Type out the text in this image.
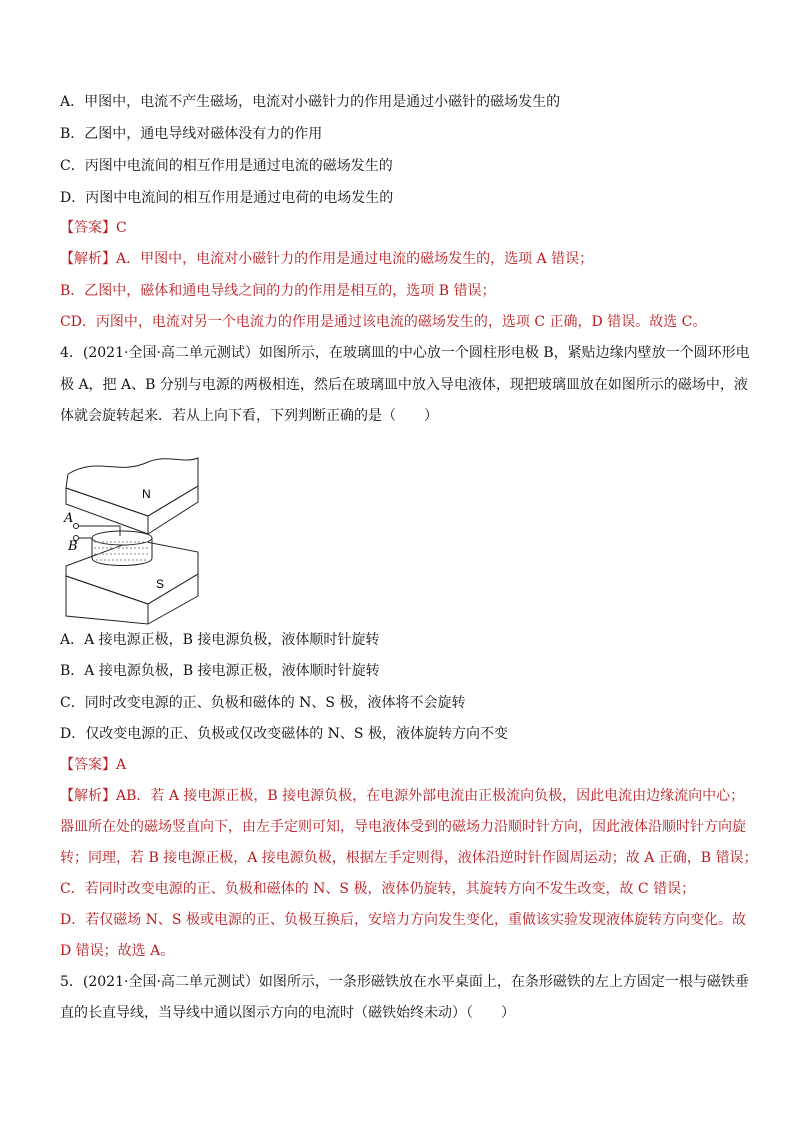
A．甲图中，电流不产生磁场，电流对小磁针力的作用是通过小磁针的磁场发生的
B．乙图中，通电导线对磁体没有力的作用
C．丙图中电流间的相互作用是通过电流的磁场发生的
D．丙图中电流间的相互作用是通过电荷的电场发生的
【答案】C
【解析】A．甲图中，电流对小磁针力的作用是通过电流的磁场发生的，选项 A 错误；
B．乙图中，磁体和通电导线之间的力的作用是相互的，选项 B 错误；
CD．丙图中，电流对另一个电流力的作用是通过该电流的磁场发生的，选项 C 正确，D 错误。故选 C。
4．(2021·全国·高二单元测试）如图所示，在玻璃皿的中心放一个圆柱形电极 B，紧贴边缘内壁放一个圆环形电
极 A，把 A、B 分别与电源的两极相连，然后在玻璃皿中放入导电液体，现把玻璃皿放在如图所示的磁场中，液
体就会旋转起来．若从上向下看，下列判断正确的是（　　）
N
S
A
B
A．A 接电源正极，B 接电源负极，液体顺时针旋转
B．A 接电源负极，B 接电源正极，液体顺时针旋转
C．同时改变电源的正、负极和磁体的 N、S 极，液体将不会旋转
D．仅改变电源的正、负极或仅改变磁体的 N、S 极，液体旋转方向不变
【答案】A
【解析】AB．若 A 接电源正极，B 接电源负极，在电源外部电流由正极流向负极，因此电流由边缘流向中心；
器皿所在处的磁场竖直向下，由左手定则可知，导电液体受到的磁场力沿顺时针方向，因此液体沿顺时针方向旋
转；同理，若 B 接电源正极，A 接电源负极，根据左手定则得，液体沿逆时针作圆周运动；故 A 正确，B 错误；
C．若同时改变电源的正、负极和磁体的 N、S 极，液体仍旋转，其旋转方向不发生改变，故 C 错误；
D．若仅磁场 N、S 极或电源的正、负极互换后，安培力方向发生变化，重做该实验发现液体旋转方向变化。故
D 错误；故选 A。
5．(2021·全国·高二单元测试）如图所示，一条形磁铁放在水平桌面上，在条形磁铁的左上方固定一根与磁铁垂
直的长直导线，当导线中通以图示方向的电流时（磁铁始终未动）（　　）
